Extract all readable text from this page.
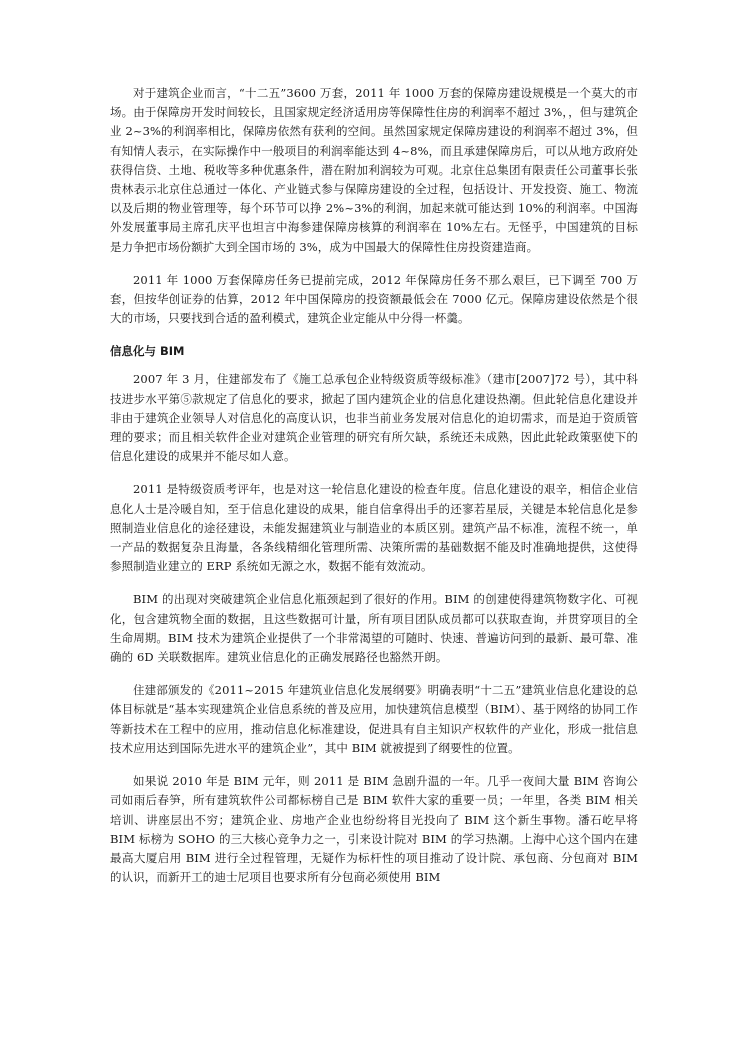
对于建筑企业而言，“十二五”3600 万套，2011 年 1000 万套的保障房建设规模是一个莫大的市场。由于保障房开发时间较长，且国家规定经济适用房等保障性住房的利润率不超过 3%，，但与建筑企业 2~3%的利润率相比，保障房依然有获利的空间。虽然国家规定保障房建设的利润率不超过 3%，但有知情人表示，在实际操作中一般项目的利润率能达到 4~8%，而且承建保障房后，可以从地方政府处获得信贷、土地、税收等多种优惠条件，潜在附加利润较为可观。北京住总集团有限责任公司董事长张贵林表示北京住总通过一体化、产业链式参与保障房建设的全过程，包括设计、开发投资、施工、物流以及后期的物业管理等，每个环节可以挣 2%~3%的利润，加起来就可能达到 10%的利润率。中国海外发展董事局主席孔庆平也坦言中海参建保障房核算的利润率在 10%左右。无怪乎，中国建筑的目标是力争把市场份额扩大到全国市场的 3%，成为中国最大的保障性住房投资建造商。

2011 年 1000 万套保障房任务已提前完成，2012 年保障房任务不那么艰巨，已下调至 700 万套，但按华创证券的估算，2012 年中国保障房的投资额最低会在 7000 亿元。保障房建设依然是个很大的市场，只要找到合适的盈利模式，建筑企业定能从中分得一杯羹。

信息化与 BIM

2007 年 3 月，住建部发布了《施工总承包企业特级资质等级标准》（建市[2007]72 号），其中科技进步水平第⑤款规定了信息化的要求，掀起了国内建筑企业的信息化建设热潮。但此轮信息化建设并非由于建筑企业领导人对信息化的高度认识，也非当前业务发展对信息化的迫切需求，而是迫于资质管理的要求；而且相关软件企业对建筑企业管理的研究有所欠缺，系统还未成熟，因此此轮政策驱使下的信息化建设的成果并不能尽如人意。

2011 是特级资质考评年，也是对这一轮信息化建设的检查年度。信息化建设的艰辛，相信企业信息化人士是冷暖自知，至于信息化建设的成果，能自信拿得出手的还寥若星辰，关键是本轮信息化是参照制造业信息化的途径建设，未能发掘建筑业与制造业的本质区别。建筑产品不标准，流程不统一，单一产品的数据复杂且海量，各条线精细化管理所需、决策所需的基础数据不能及时准确地提供，这使得参照制造业建立的 ERP 系统如无源之水，数据不能有效流动。

BIM 的出现对突破建筑企业信息化瓶颈起到了很好的作用。BIM 的创建使得建筑物数字化、可视化，包含建筑物全面的数据，且这些数据可计量，所有项目团队成员都可以获取查询，并贯穿项目的全生命周期。BIM 技术为建筑企业提供了一个非常渴望的可随时、快速、普遍访问到的最新、最可靠、准确的 6D 关联数据库。建筑业信息化的正确发展路径也豁然开朗。

住建部颁发的《2011~2015 年建筑业信息化发展纲要》明确表明“十二五”建筑业信息化建设的总体目标就是“基本实现建筑企业信息系统的普及应用，加快建筑信息模型（BIM）、基于网络的协同工作等新技术在工程中的应用，推动信息化标准建设，促进具有自主知识产权软件的产业化，形成一批信息技术应用达到国际先进水平的建筑企业”，其中 BIM 就被提到了纲要性的位置。

如果说 2010 年是 BIM 元年，则 2011 是 BIM 急剧升温的一年。几乎一夜间大量 BIM 咨询公司如雨后春笋，所有建筑软件公司都标榜自己是 BIM 软件大家的重要一员；一年里，各类 BIM 相关培训、讲座层出不穷；建筑企业、房地产企业也纷纷将目光投向了 BIM 这个新生事物。潘石屹早将 BIM 标榜为 SOHO 的三大核心竞争力之一，引来设计院对 BIM 的学习热潮。上海中心这个国内在建最高大厦启用 BIM 进行全过程管理，无疑作为标杆性的项目推动了设计院、承包商、分包商对 BIM 的认识，而新开工的迪士尼项目也要求所有分包商必须使用 BIM
